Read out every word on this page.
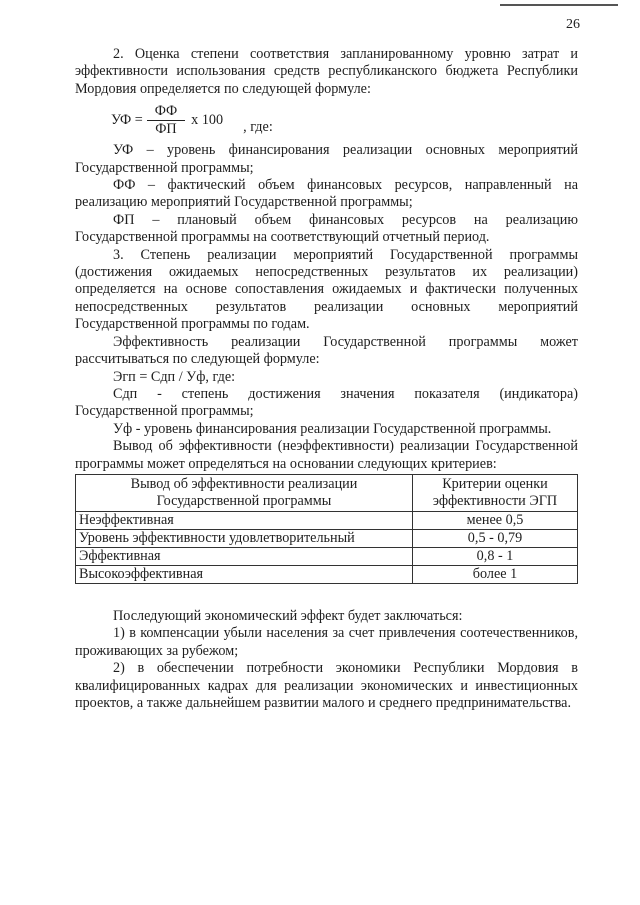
26

2. Оценка степени соответствия запланированному уровню затрат и эффективности использования средств республиканского бюджета Республики Мордовия определяется по следующей формуле:

УФ = $\frac{ФФ}{ФП}$ х 100 , где:

УФ – уровень финансирования реализации основных мероприятий Государственной программы;

ФФ – фактический объем финансовых ресурсов, направленный на реализацию мероприятий Государственной программы;

ФП – плановый объем финансовых ресурсов на реализацию Государственной программы на соответствующий отчетный период.

3. Степень реализации мероприятий Государственной программы (достижения ожидаемых непосредственных результатов их реализации) определяется на основе сопоставления ожидаемых и фактически полученных непосредственных результатов реализации основных мероприятий Государственной программы по годам.

Эффективность реализации Государственной программы может рассчитываться по следующей формуле:

Эгп = Сдп / Уф, где:

Сдп - степень достижения значения показателя (индикатора) Государственной программы;

Уф - уровень финансирования реализации Государственной программы.

Вывод об эффективности (неэффективности) реализации Государственной программы может определяться на основании следующих критериев:

Вывод об эффективности реализации Государственной программы	Критерии оценки эффективности ЭГП
Неэффективная	менее 0,5
Уровень эффективности удовлетворительный	0,5 - 0,79
Эффективная	0,8 - 1
Высокоэффективная	более 1

Последующий экономический эффект будет заключаться:

1) в компенсации убыли населения за счет привлечения соотечественников, проживающих за рубежом;

2) в обеспечении потребности экономики Республики Мордовия в квалифицированных кадрах для реализации экономических и инвестиционных проектов, а также дальнейшем развитии малого и среднего предпринимательства.
